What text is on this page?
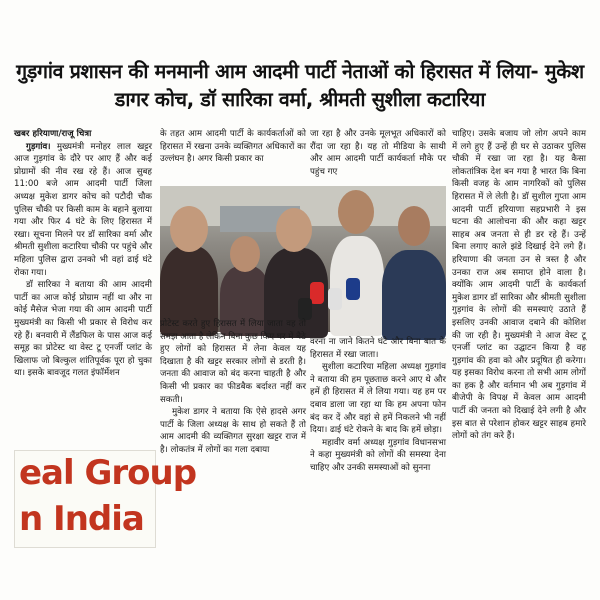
गुड़गांव प्रशासन की मनमानी आम आदमी पार्टी नेताओं को हिरासत में लिया- मुकेश डागर कोच, डॉ सारिका वर्मा, श्रीमती सुशीला कटारिया

खबर हरियाणा/राजू चित्रा

गुड़गांव। मुख्यमंत्री मनोहर लाल खट्टर आज गुड़गांव के दौरे पर आए हैं और कई प्रोग्रामों की नीव रख रहे हैं। आज सुबह 11:00 बजे आम आदमी पार्टी जिला अध्यक्ष मुकेश डागर कोच को पटौदी चौक पुलिस चौकी पर किसी काम के बहाने बुलाया गया और फिर 4 घंटे के लिए हिरासत में रखा। सूचना मिलने पर डॉ सारिका वर्मा और श्रीमती सुशीला कटारिया चौकी पर पहुंचे और महिला पुलिस द्वारा उनको भी वहां ढाई घंटे रोका गया।

डॉ सारिका ने बताया की आम आदमी पार्टी का आज कोई प्रोग्राम नहीं था और ना कोई मैसेज भेजा गया की आम आदमी पार्टी मुख्यमंत्री का किसी भी प्रकार से विरोध कर रहे हैं। बनवारी में लैंडफिल के पास आज कई समूह का प्रोटेस्ट था वेस्ट टू एनर्जी प्लांट के खिलाफ जो बिल्कुल शांतिपूर्वक पूरा हो चुका था। इसके बावजूद गलत इंफॉर्मेशन

के तहत आम आदमी पार्टी के कार्यकर्ताओं को हिरासत में रखना उनके व्यक्तिगत अधिकारों का उल्लंघन है। अगर किसी प्रकार का

जा रहा है और उनके मूलभूत अधिकारों को रौंदा जा रहा है। यह तो मीडिया के साथी और आम आदमी पार्टी कार्यकर्ता मौके पर पहुंच गए

प्रोटेस्ट करते हुए हिरासत में लिया जाता वह तो समझ आता है लेकिन बिना कुछ किए घर में बैठे हुए लोगों को हिरासत में लेना केवल यह दिखाता है की खट्टर सरकार लोगों से डरती है। जनता की आवाज को बंद करना चाहती है और किसी भी प्रकार का फीडबैक बर्दाश्त नहीं कर सकती।

मुकेश डागर ने बताया कि ऐसे हादसे अगर पार्टी के जिला अध्यक्ष के साथ हो सकते हैं तो आम आदमी की व्यक्तिगत सुरक्षा खट्टर राज में है। लोकतंत्र में लोगों का गला दबाया

वरना ना जाने कितने घंटे और बिना बात के हिरासत में रखा जाता।

सुशीला कटारिया महिला अध्यक्ष गुड़गांव ने बताया की हम पूछताछ करने आए थे और हमें ही हिरासत में ले लिया गया। यह हम पर दबाव डाला जा रहा था कि हम अपना फोन बंद कर दें और वहां से हमें निकलने भी नहीं दिया। ढाई घंटे रोकने के बाद कि हमें छोड़ा।

महावीर वर्मा अध्यक्ष गुड़गांव विधानसभा ने कहा मुख्यमंत्री को लोगों की समस्या देना चाहिए और उनकी समस्याओं को सुनना

चाहिए। उसके बजाय जो लोग अपने काम में लगे हुए हैं उन्हें ही घर से उठाकर पुलिस चौकी में रखा जा रहा है। यह कैसा लोकतांत्रिक देश बन गया है भारत कि बिना किसी वजह के आम नागरिकों को पुलिस हिरासत में ले लेती है। डॉ सुशील गुप्ता आम आदमी पार्टी हरियाणा सहप्रभारी ने इस घटना की आलोचना की और कहा खट्टर साहब अब जनता से ही डर रहे हैं। उन्हें बिना लगाए काले झंडे दिखाई देने लगे हैं। हरियाणा की जनता उन से त्रस्त है और उनका राज अब समाप्त होने वाला है। क्योंकि आम आदमी पार्टी के कार्यकर्ता मुकेश डागर डॉ सारिका और श्रीमती सुशीला गुड़गांव के लोगों की समस्याएं उठाते हैं इसलिए उनकी आवाज दबाने की कोशिश की जा रही है। मुख्यमंत्री ने आज वेस्ट टू एनर्जी प्लांट का उद्घाटन किया है वह गुड़गांव की हवा को और प्रदूषित ही करेगा। यह इसका विरोध करना तो सभी आम लोगों का हक है और वर्तमान भी अब गुड़गांव में बीजेपी के विपक्ष में केवल आम आदमी पार्टी की जनता को दिखाई देने लगी है और इस बात से परेशान होकर खट्टर साहब हमारे लोगों को तंग करे हैं।

eal Group
n India
